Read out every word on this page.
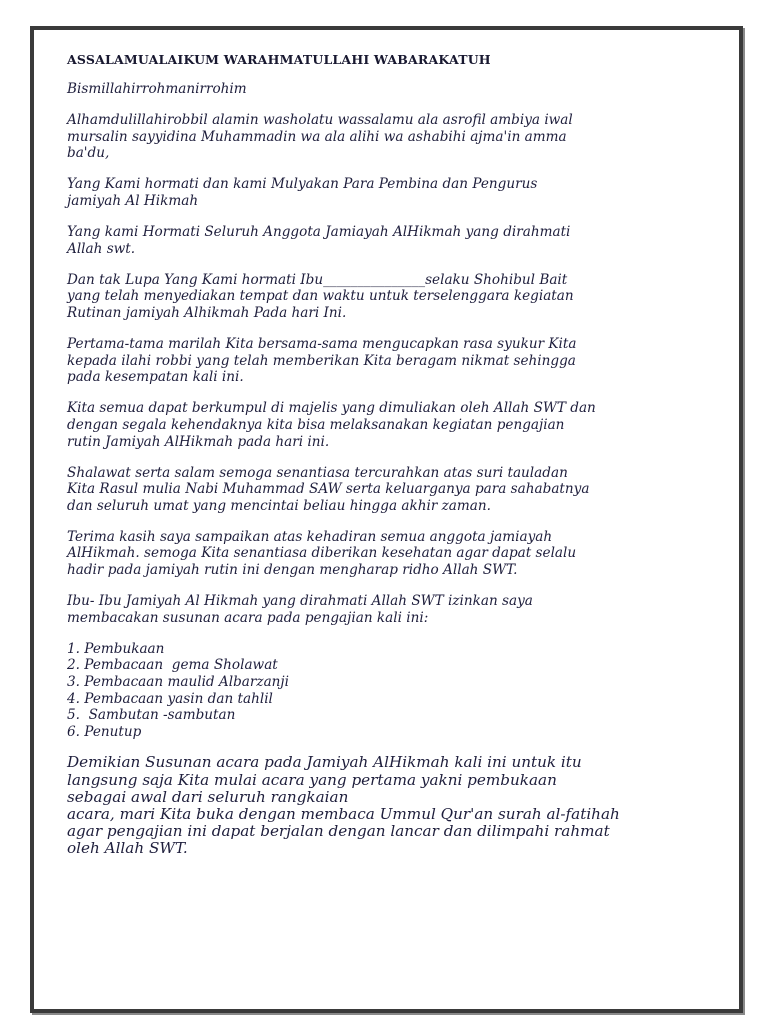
ASSALAMUALAIKUM WARAHMATULLAHI WABARAKATUH
Bismillahirrohmanirrohim
Alhamdulillahirobbil alamin washolatu wassalamu ala asrofil ambiya iwal
mursalin sayyidina Muhammadin wa ala alihi wa ashabihi ajma'in amma
ba'du,
Yang Kami hormati dan kami Mulyakan Para Pembina dan Pengurus
jamiyah Al Hikmah
Yang kami Hormati Seluruh Anggota Jamiayah AlHikmah yang dirahmati
Allah swt.
Dan tak Lupa Yang Kami hormati Ibu_______________selaku Shohibul Bait
yang telah menyediakan tempat dan waktu untuk terselenggara kegiatan
Rutinan jamiyah Alhikmah Pada hari Ini.
Pertama-tama marilah Kita bersama-sama mengucapkan rasa syukur Kita
kepada ilahi robbi yang telah memberikan Kita beragam nikmat sehingga
pada kesempatan kali ini.
Kita semua dapat berkumpul di majelis yang dimuliakan oleh Allah SWT dan
dengan segala kehendaknya kita bisa melaksanakan kegiatan pengajian
rutin Jamiyah AlHikmah pada hari ini.
Shalawat serta salam semoga senantiasa tercurahkan atas suri tauladan
Kita Rasul mulia Nabi Muhammad SAW serta keluarganya para sahabatnya
dan seluruh umat yang mencintai beliau hingga akhir zaman.
Terima kasih saya sampaikan atas kehadiran semua anggota jamiayah
AlHikmah. semoga Kita senantiasa diberikan kesehatan agar dapat selalu
hadir pada jamiyah rutin ini dengan mengharap ridho Allah SWT.
Ibu- Ibu Jamiyah Al Hikmah yang dirahmati Allah SWT izinkan saya
membacakan susunan acara pada pengajian kali ini:
1. Pembukaan
2. Pembacaan  gema Sholawat
3. Pembacaan maulid Albarzanji
4. Pembacaan yasin dan tahlil
5.  Sambutan -sambutan
6. Penutup
Demikian Susunan acara pada Jamiyah AlHikmah kali ini untuk itu
langsung saja Kita mulai acara yang pertama yakni pembukaan
sebagai awal dari seluruh rangkaian
acara, mari Kita buka dengan membaca Ummul Qur'an surah al-fatihah
agar pengajian ini dapat berjalan dengan lancar dan dilimpahi rahmat
oleh Allah SWT.
